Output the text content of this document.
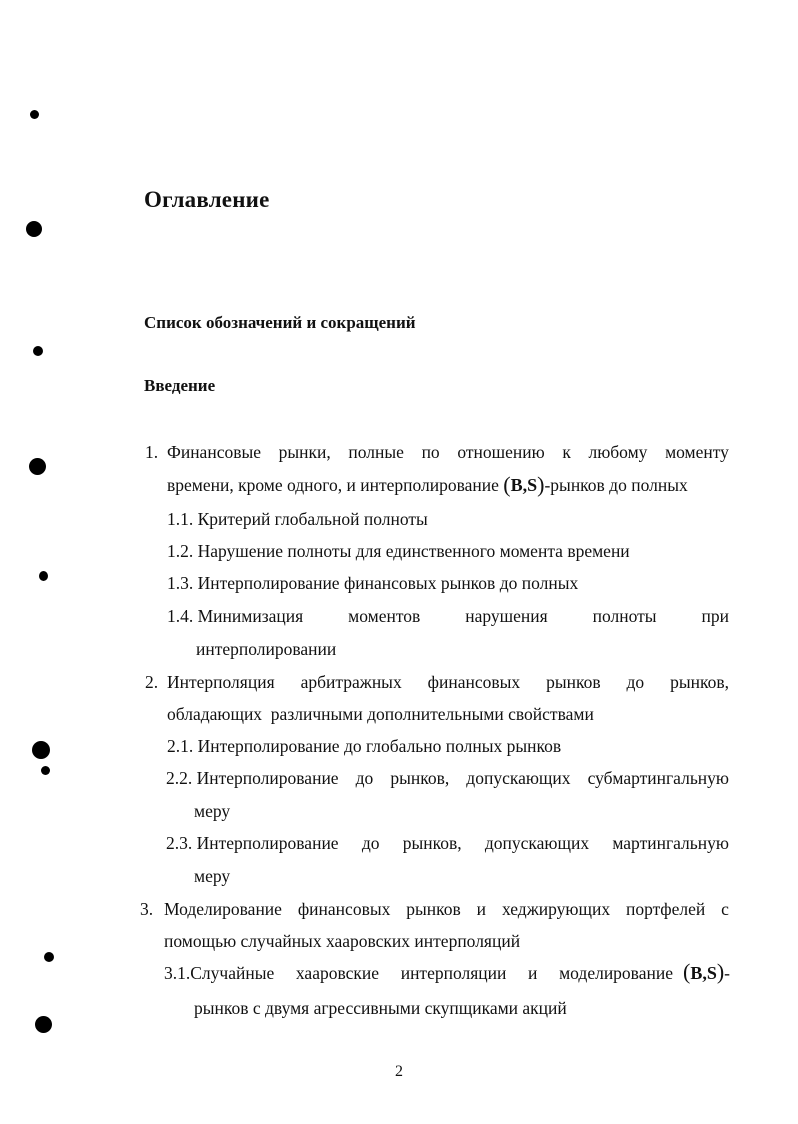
Оглавление

Список обозначений и сокращений

Введение

1. Финансовые рынки, полные по отношению к любому моменту
времени, кроме одного, и интерполирование (B,S)-рынков до полных
1.1. Критерий глобальной полноты
1.2. Нарушение полноты для единственного момента времени
1.3. Интерполирование финансовых рынков до полных
1.4. Минимизация	моментов	нарушения	полноты	при
интерполировании
2. Интерполяция арбитражных финансовых рынков до рынков,
обладающих  различными дополнительными свойствами
2.1. Интерполирование до глобально полных рынков
2.2. Интерполирование до рынков, допускающих субмартингальную
меру
2.3. Интерполирование до рынков, допускающих мартингальную
меру
3. Моделирование финансовых рынков и хеджирующих портфелей с
помощью случайных хааровских интерполяций
3.1.Случайные хааровские интерполяции и моделирование ( B,S ) -
рынков с двумя агрессивными скупщиками акций

2
